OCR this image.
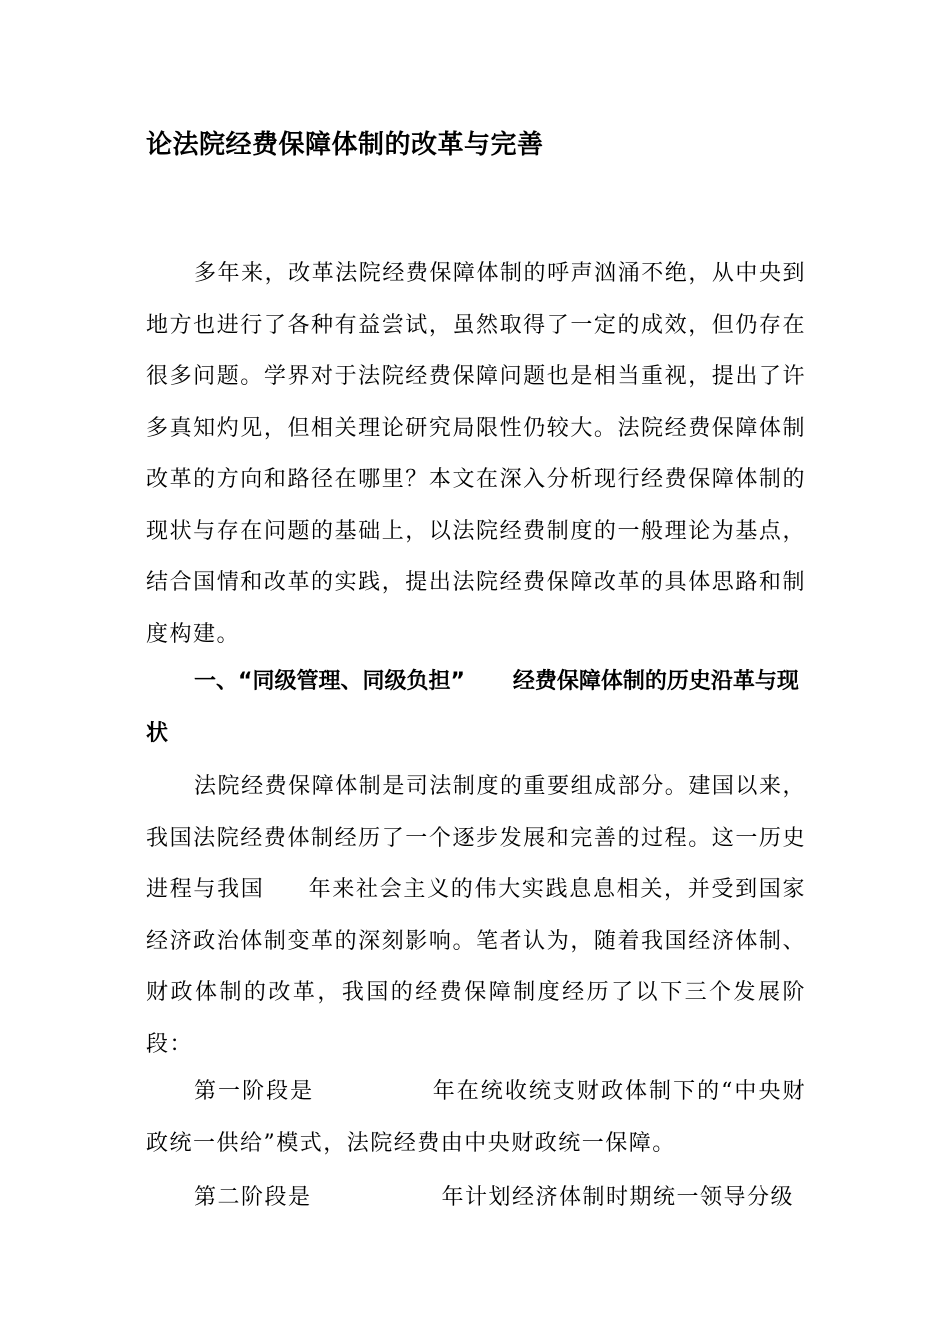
论法院经费保障体制的改革与完善

多年来，改革法院经费保障体制的呼声汹涌不绝，从中央到地方也进行了各种有益尝试，虽然取得了一定的成效，但仍存在很多问题。学界对于法院经费保障问题也是相当重视，提出了许多真知灼见，但相关理论研究局限性仍较大。法院经费保障体制改革的方向和路径在哪里？本文在深入分析现行经费保障体制的现状与存在问题的基础上，以法院经费制度的一般理论为基点，结合国情和改革的实践，提出法院经费保障改革的具体思路和制度构建。

一、“同级管理、同级负担” 经费保障体制的历史沿革与现状

法院经费保障体制是司法制度的重要组成部分。建国以来，我国法院经费体制经历了一个逐步发展和完善的过程。这一历史进程与我国 年来社会主义的伟大实践息息相关，并受到国家经济政治体制变革的深刻影响。笔者认为，随着我国经济体制、财政体制的改革，我国的经费保障制度经历了以下三个发展阶段：

第一阶段是	年在统收统支财政体制下的“中央财政统一供给”模式，法院经费由中央财政统一保障。

第二阶段是	年计划经济体制时期统一领导分级
